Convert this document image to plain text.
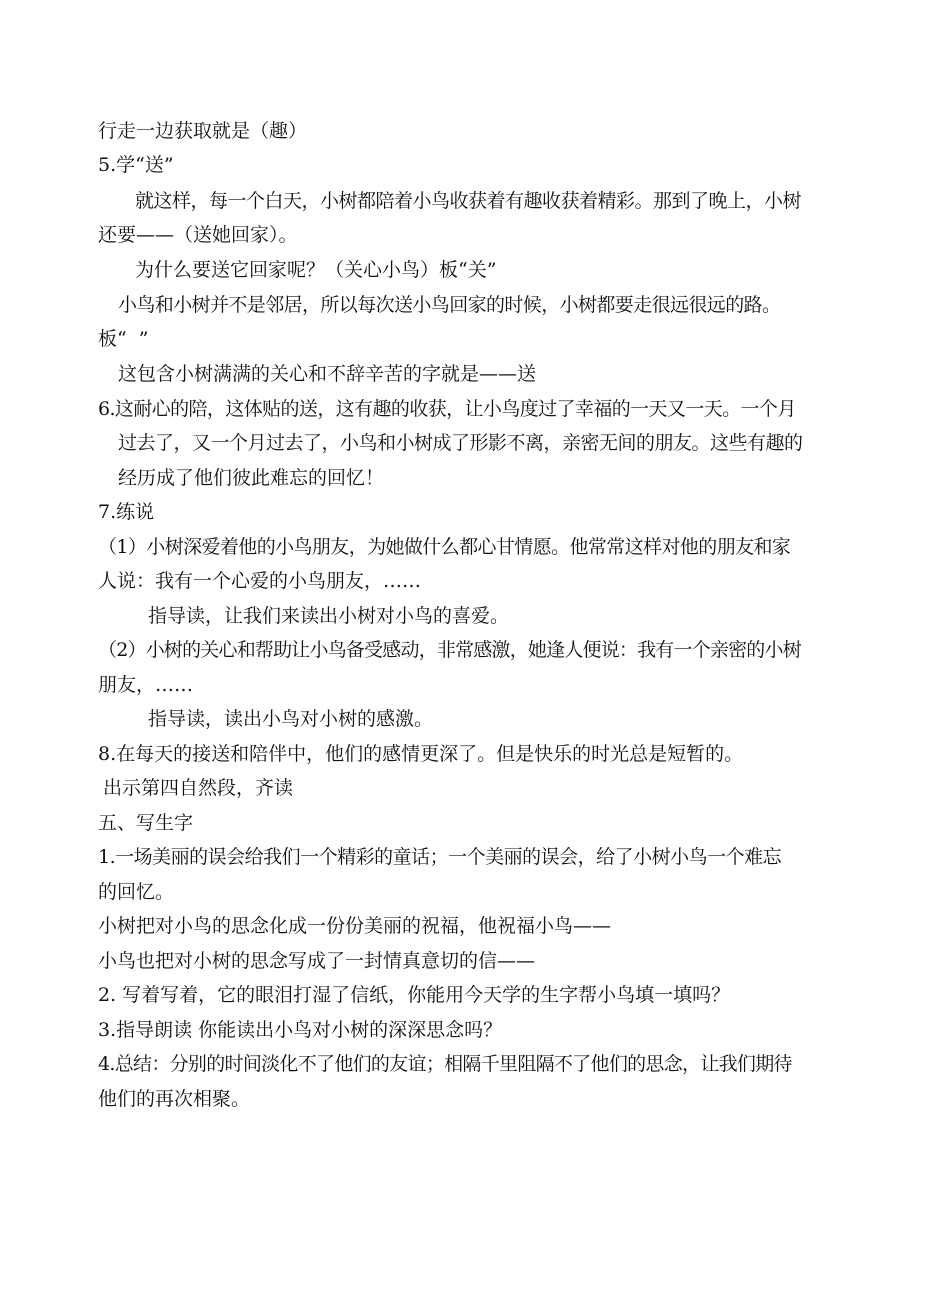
行走一边获取就是（趣）
5.学“送”
就这样，每一个白天，小树都陪着小鸟收获着有趣收获着精彩。那到了晚上，小树
还要——（送她回家）。
为什么要送它回家呢？（关心小鸟）板“关”
小鸟和小树并不是邻居，所以每次送小鸟回家的时候，小树都要走很远很远的路。
板“  ”
这包含小树满满的关心和不辞辛苦的字就是——送
6.这耐心的陪，这体贴的送，这有趣的收获，让小鸟度过了幸福的一天又一天。一个月
过去了，又一个月过去了，小鸟和小树成了形影不离，亲密无间的朋友。这些有趣的
经历成了他们彼此难忘的回忆！
7.练说
（1）小树深爱着他的小鸟朋友，为她做什么都心甘情愿。他常常这样对他的朋友和家
人说：我有一个心爱的小鸟朋友，……
指导读，让我们来读出小树对小鸟的喜爱。
（2）小树的关心和帮助让小鸟备受感动，非常感激，她逢人便说：我有一个亲密的小树
朋友，……
指导读，读出小鸟对小树的感激。
8.在每天的接送和陪伴中，他们的感情更深了。但是快乐的时光总是短暂的。
出示第四自然段，齐读
五、写生字
1.一场美丽的误会给我们一个精彩的童话；一个美丽的误会，给了小树小鸟一个难忘
的回忆。
小树把对小鸟的思念化成一份份美丽的祝福，他祝福小鸟——
小鸟也把对小树的思念写成了一封情真意切的信——
2. 写着写着，它的眼泪打湿了信纸，你能用今天学的生字帮小鸟填一填吗？
3.指导朗读 你能读出小鸟对小树的深深思念吗？
4.总结：分别的时间淡化不了他们的友谊；相隔千里阻隔不了他们的思念，让我们期待
他们的再次相聚。
